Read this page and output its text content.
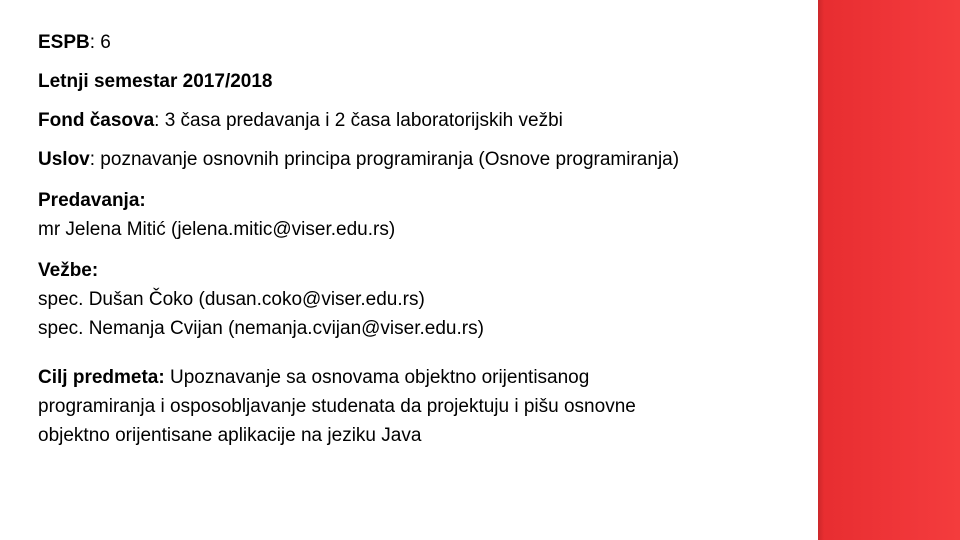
ESPB: 6

Letnji semestar 2017/2018

Fond časova: 3 časa predavanja i 2 časa laboratorijskih vežbi

Uslov: poznavanje osnovnih principa programiranja (Osnove programiranja)

Predavanja:
mr Jelena Mitić (jelena.mitic@viser.edu.rs)
Vežbe:
spec. Dušan Čoko (dusan.coko@viser.edu.rs)
spec. Nemanja Cvijan (nemanja.cvijan@viser.edu.rs)
Cilj predmeta: Upoznavanje sa osnovama objektno orijentisanog
programiranja i osposobljavanje studenata da projektuju i pišu osnovne
objektno orijentisane aplikacije na jeziku Java
